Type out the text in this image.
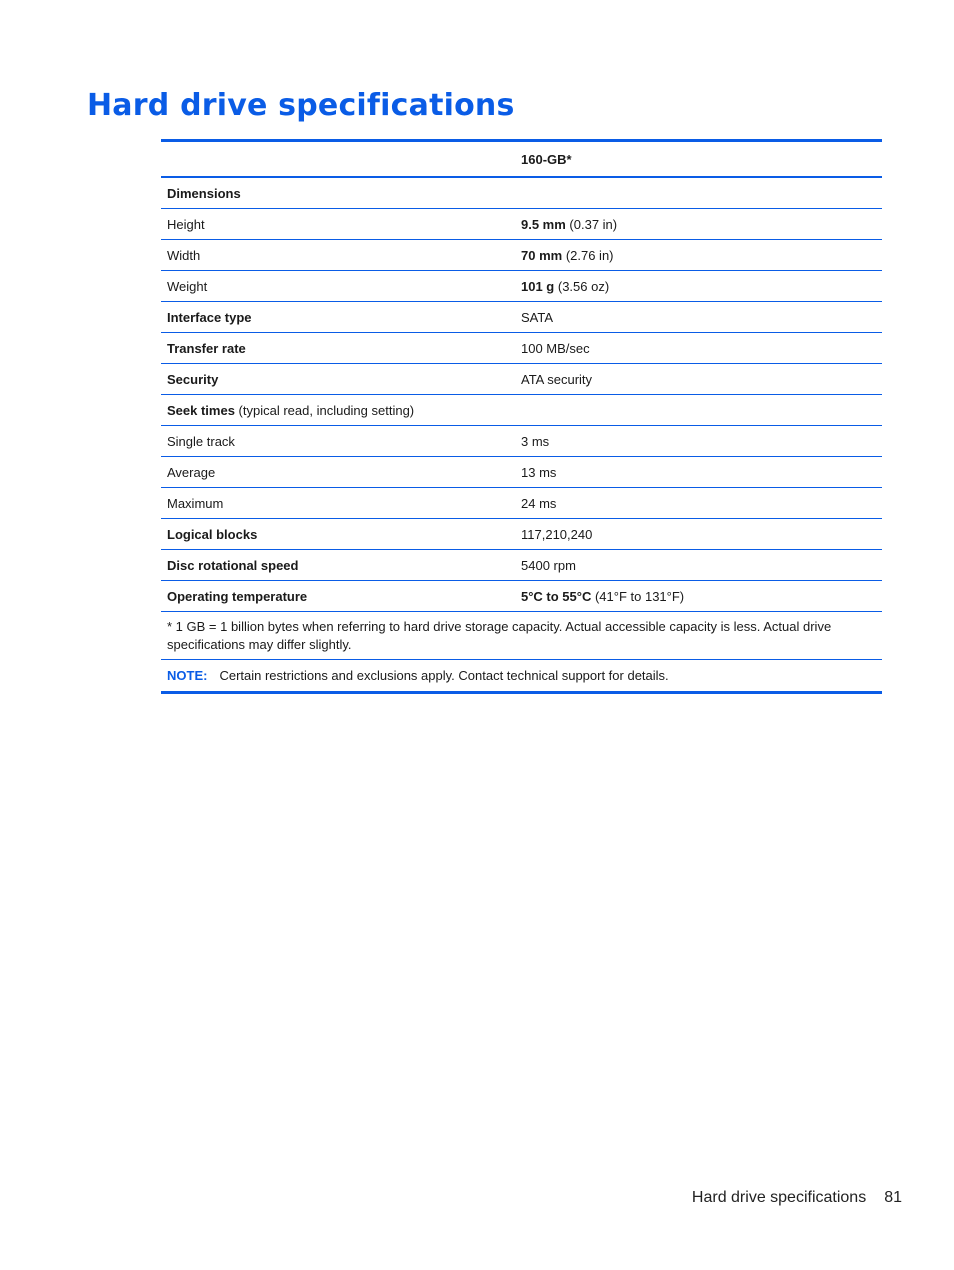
Hard drive specifications
	160-GB*
Dimensions	
Height	9.5 mm (0.37 in)
Width	70 mm (2.76 in)
Weight	101 g (3.56 oz)
Interface type	SATA
Transfer rate	100 MB/sec
Security	ATA security
Seek times (typical read, including setting)	
Single track	3 ms
Average	13 ms
Maximum	24 ms
Logical blocks	117,210,240
Disc rotational speed	5400 rpm
Operating temperature	5°C to 55°C (41°F to 131°F)
* 1 GB = 1 billion bytes when referring to hard drive storage capacity. Actual accessible capacity is less. Actual drive specifications may differ slightly.	
NOTE: Certain restrictions and exclusions apply. Contact technical support for details.	
Hard drive specifications 81
